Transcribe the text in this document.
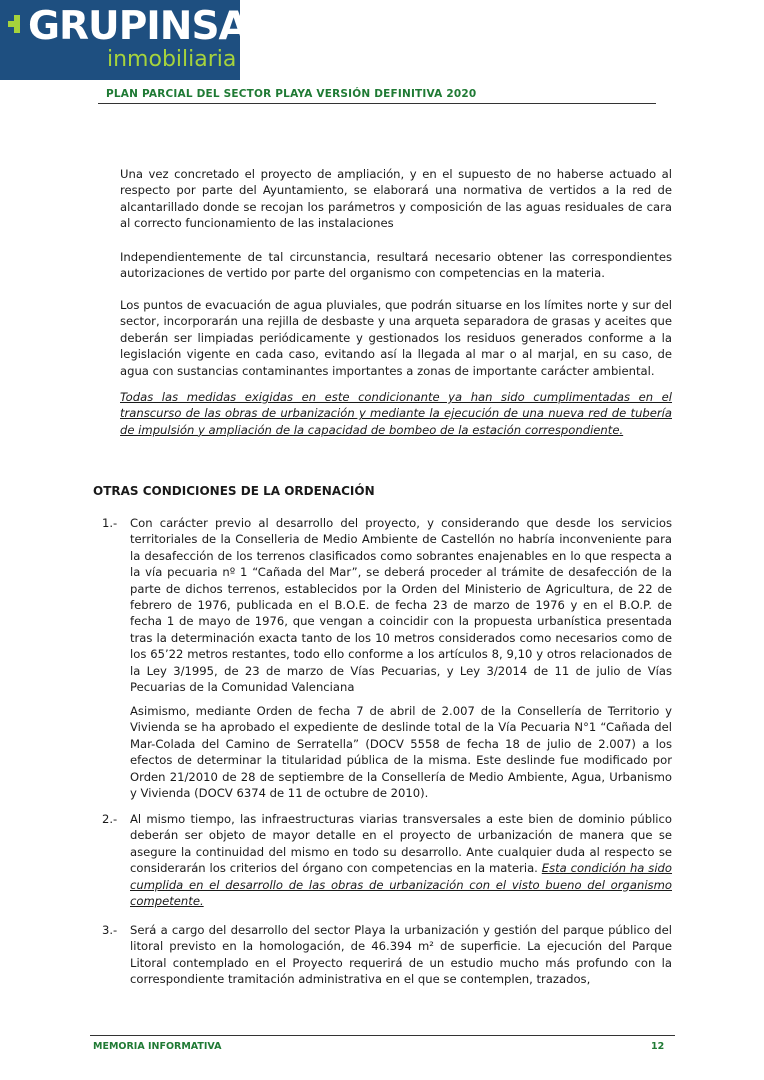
GRUPINSA
inmobiliaria
PLAN PARCIAL DEL SECTOR PLAYA VERSIÓN DEFINITIVA 2020

Una vez concretado el proyecto de ampliación, y en el supuesto de no haberse actuado al respecto por parte del Ayuntamiento, se elaborará una normativa de vertidos a la red de alcantarillado donde se recojan los parámetros y composición de las aguas residuales de cara al correcto funcionamiento de las instalaciones

Independientemente de tal circunstancia, resultará necesario obtener las correspondientes autorizaciones de vertido por parte del organismo con competencias en la materia.

Los puntos de evacuación de agua pluviales, que podrán situarse en los límites norte y sur del sector, incorporarán una rejilla de desbaste y una arqueta separadora de grasas y aceites que deberán ser limpiadas periódicamente y gestionados los residuos generados conforme a la legislación vigente en cada caso, evitando así la llegada al mar o al marjal, en su caso, de agua con sustancias contaminantes importantes a zonas de importante carácter ambiental.

Todas las medidas exigidas en este condicionante ya han sido cumplimentadas en el transcurso de las obras de urbanización y mediante la ejecución de una nueva red de tubería de impulsión y ampliación de la capacidad de bombeo de la estación correspondiente.

OTRAS CONDICIONES DE LA ORDENACIÓN
1.- Con carácter previo al desarrollo del proyecto, y considerando que desde los servicios territoriales de la Conselleria de Medio Ambiente de Castellón no habría inconveniente para la desafección de los terrenos clasificados como sobrantes enajenables en lo que respecta a la vía pecuaria nº 1 “Cañada del Mar”, se deberá proceder al trámite de desafección de la parte de dichos terrenos, establecidos por la Orden del Ministerio de Agricultura, de 22 de febrero de 1976, publicada en el B.O.E. de fecha 23 de marzo de 1976 y en el B.O.P. de fecha 1 de mayo de 1976, que vengan a coincidir con la propuesta urbanística presentada tras la determinación exacta tanto de los 10 metros considerados como necesarios como de los 65’22 metros restantes, todo ello conforme a los artículos 8, 9,10 y otros relacionados de la Ley 3/1995, de 23 de marzo de Vías Pecuarias, y Ley 3/2014 de 11 de julio de Vías Pecuarias de la Comunidad Valenciana

Asimismo, mediante Orden de fecha 7 de abril de 2.007 de la Consellería de Territorio y Vivienda se ha aprobado el expediente de deslinde total de la Vía Pecuaria N°1 “Cañada del Mar-Colada del Camino de Serratella” (DOCV 5558 de fecha 18 de julio de 2.007) a los efectos de determinar la titularidad pública de la misma. Este deslinde fue modificado por Orden 21/2010 de 28 de septiembre de la Consellería de Medio Ambiente, Agua, Urbanismo y Vivienda (DOCV 6374 de 11 de octubre de 2010).

2.- Al mismo tiempo, las infraestructuras viarias transversales a este bien de dominio público deberán ser objeto de mayor detalle en el proyecto de urbanización de manera que se asegure la continuidad del mismo en todo su desarrollo. Ante cualquier duda al respecto se considerarán los criterios del órgano con competencias en la materia. Esta condición ha sido cumplida en el desarrollo de las obras de urbanización con el visto bueno del organismo competente.

3.- Será a cargo del desarrollo del sector Playa la urbanización y gestión del parque público del litoral previsto en la homologación, de 46.394 m² de superficie. La ejecución del Parque Litoral contemplado en el Proyecto requerirá de un estudio mucho más profundo con la correspondiente tramitación administrativa en el que se contemplen, trazados,

MEMORIA INFORMATIVA	12
